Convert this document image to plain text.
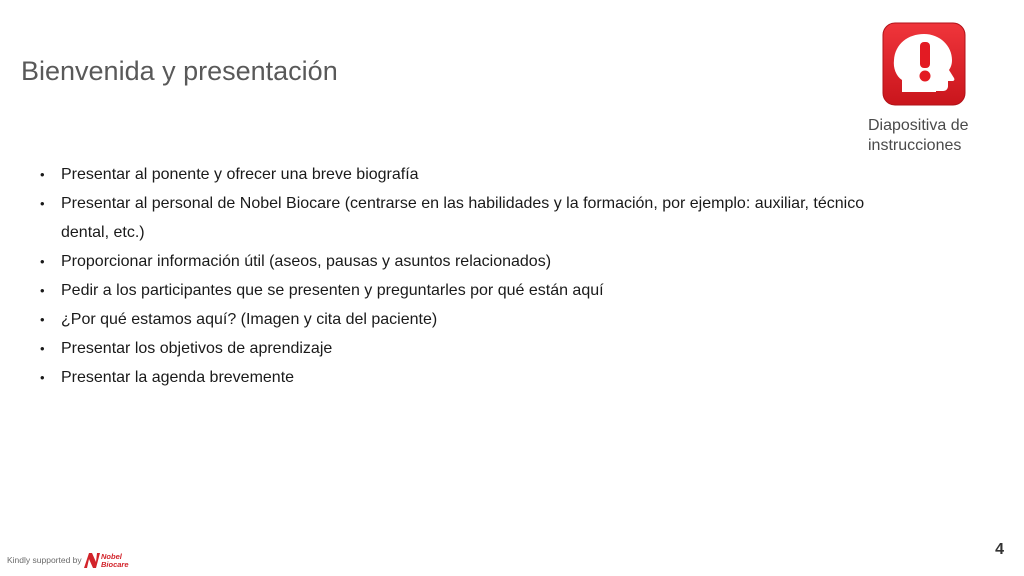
Bienvenida y presentación
Diapositiva de
instrucciones
• Presentar al ponente y ofrecer una breve biografía
• Presentar al personal de Nobel Biocare (centrarse en las habilidades y la formación, por ejemplo: auxiliar, técnico dental, etc.)
• Proporcionar información útil (aseos, pausas y asuntos relacionados)
• Pedir a los participantes que se presenten y preguntarles por qué están aquí
• ¿Por qué estamos aquí? (Imagen y cita del paciente)
• Presentar los objetivos de aprendizaje
• Presentar la agenda brevemente
Kindly supported by	Nobel
Biocare
4
